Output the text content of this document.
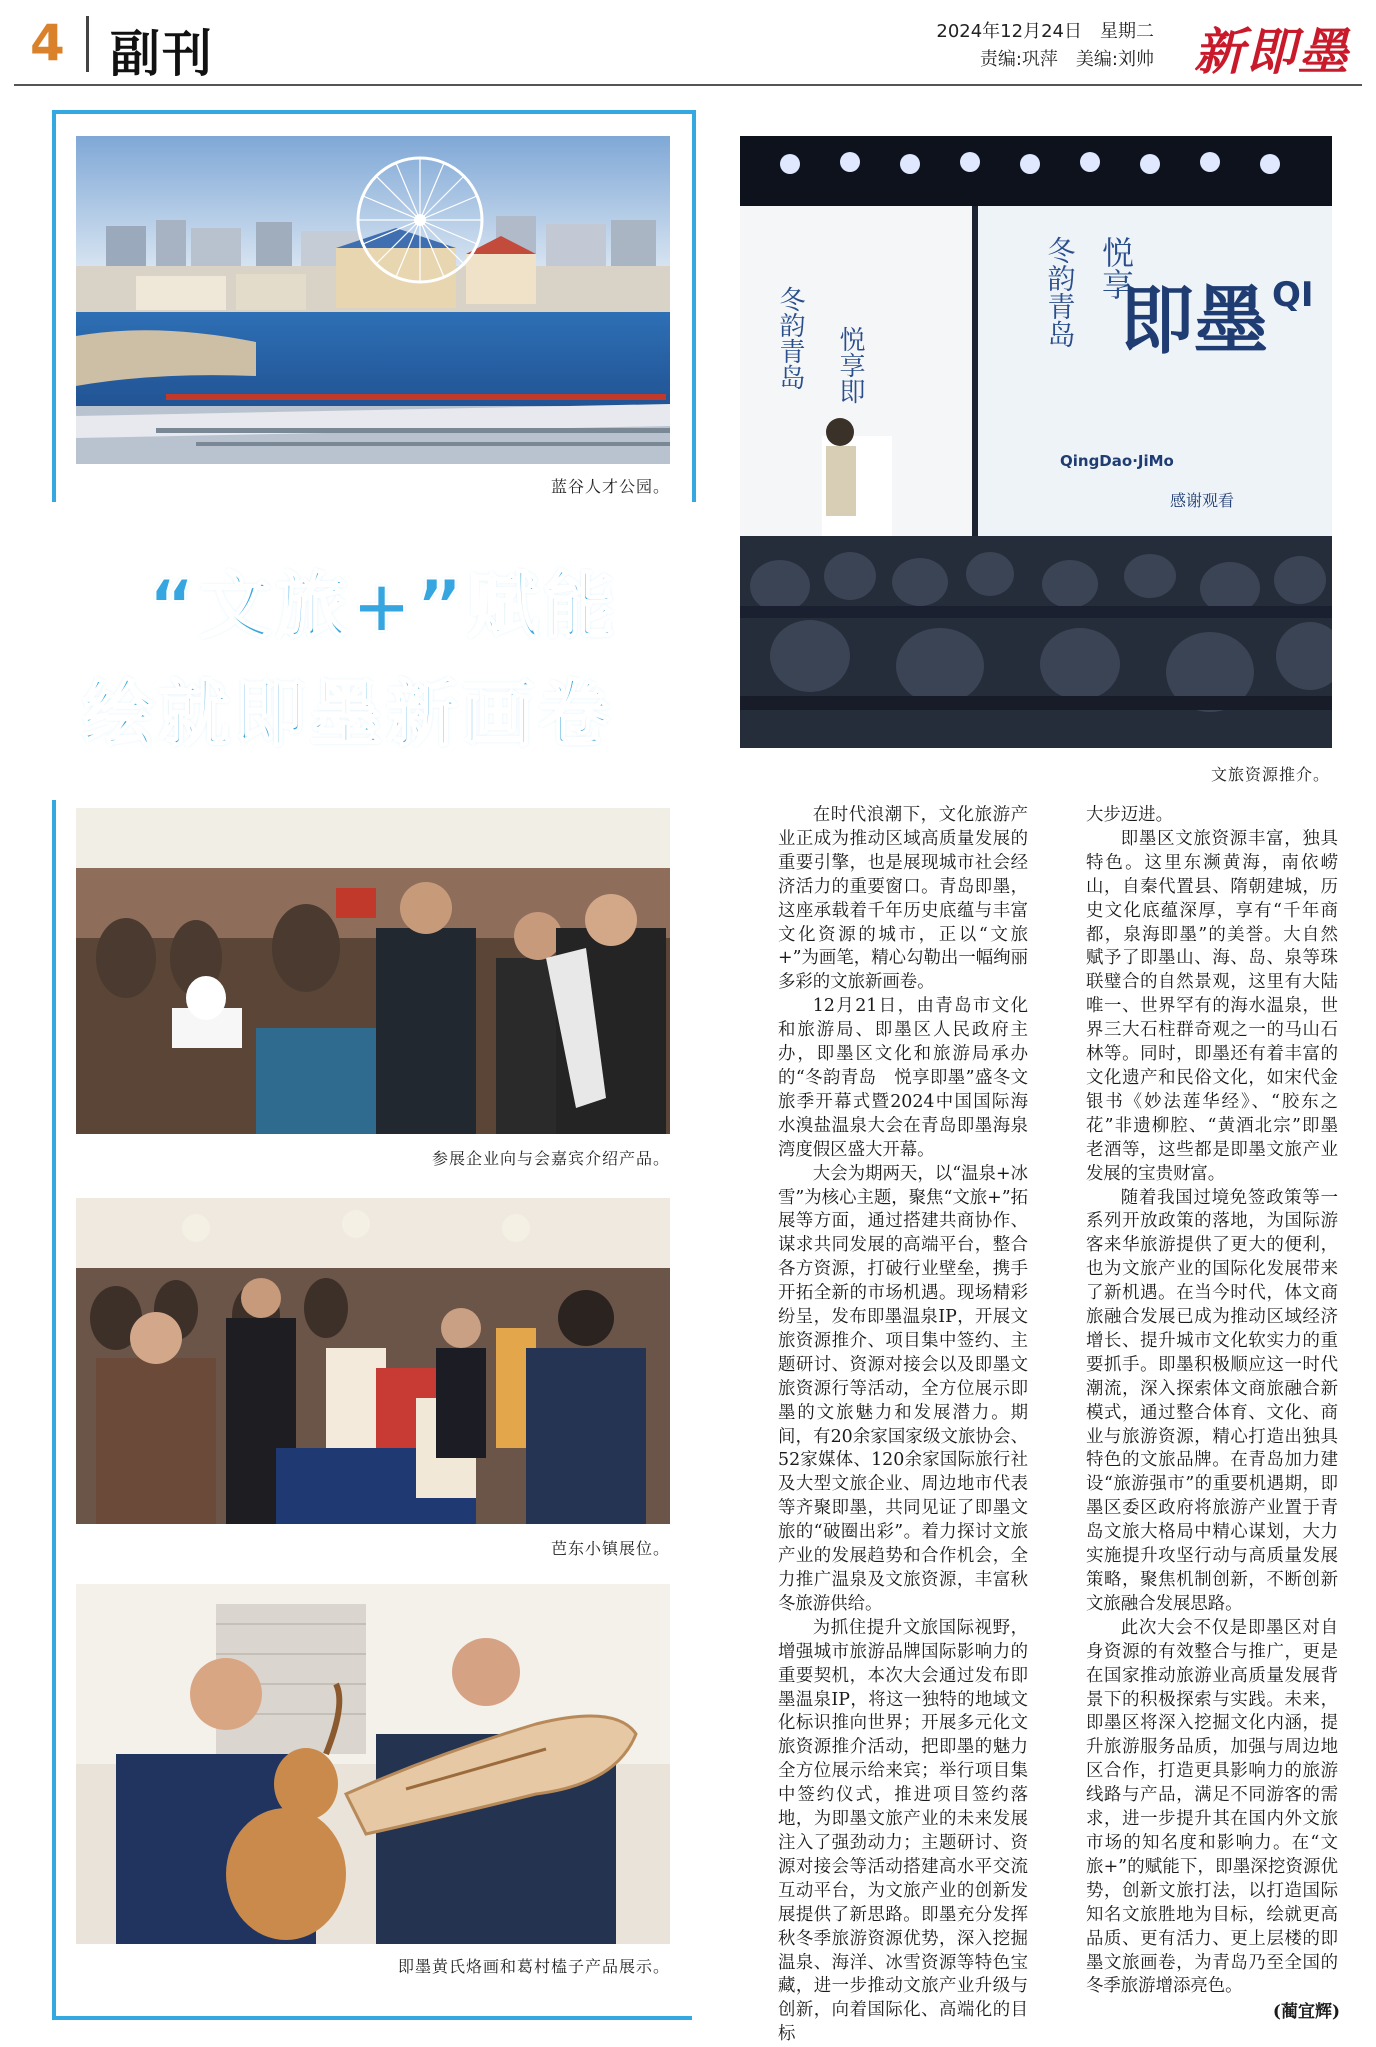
4 副刊	2024年12月24日　 星期二
责编:巩萍　美编:刘帅 新即墨
蓝谷人才公园。
“文旅+”赋能
绘就即墨新画卷
冬韵青岛 悦享即
冬韵青岛 悦享
即墨 QI
QingDao·JiMo
感谢观看
文旅资源推介。
参展企业向与会嘉宾介绍产品。
芭东小镇展位。
即墨黄氏烙画和葛村榼子产品展示。

在时代浪潮下，文化旅游产业正成为推动区域高质量发展的重要引擎，也是展现城市社会经济活力的重要窗口。青岛即墨，这座承载着千年历史底蕴与丰富文化资源的城市，正以“文旅+”为画笔，精心勾勒出一幅绚丽多彩的文旅新画卷。

12月21日，由青岛市文化和旅游局、即墨区人民政府主办，即墨区文化和旅游局承办的“冬韵青岛　悦享即墨”盛冬文旅季开幕式暨2024中国国际海水溴盐温泉大会在青岛即墨海泉湾度假区盛大开幕。

大会为期两天，以“温泉+冰雪”为核心主题，聚焦“文旅+”拓展等方面，通过搭建共商协作、谋求共同发展的高端平台，整合各方资源，打破行业壁垒，携手开拓全新的市场机遇。现场精彩纷呈，发布即墨温泉IP，开展文旅资源推介、项目集中签约、主题研讨、资源对接会以及即墨文旅资源行等活动，全方位展示即墨的文旅魅力和发展潜力。期间，有20余家国家级文旅协会、52家媒体、120余家国际旅行社及大型文旅企业、周边地市代表等齐聚即墨，共同见证了即墨文旅的“破圈出彩”。着力探讨文旅产业的发展趋势和合作机会，全力推广温泉及文旅资源，丰富秋冬旅游供给。

为抓住提升文旅国际视野，增强城市旅游品牌国际影响力的重要契机，本次大会通过发布即墨温泉IP，将这一独特的地域文化标识推向世界；开展多元化文旅资源推介活动，把即墨的魅力全方位展示给来宾；举行项目集中签约仪式，推进项目签约落地，为即墨文旅产业的未来发展注入了强劲动力；主题研讨、资源对接会等活动搭建高水平交流互动平台，为文旅产业的创新发展提供了新思路。即墨充分发挥秋冬季旅游资源优势，深入挖掘温泉、海洋、冰雪资源等特色宝藏，进一步推动文旅产业升级与创新，向着国际化、高端化的目标

大步迈进。

即墨区文旅资源丰富，独具特色。这里东濒黄海，南依崂山，自秦代置县、隋朝建城，历史文化底蕴深厚，享有“千年商都，泉海即墨”的美誉。大自然赋予了即墨山、海、岛、泉等珠联璧合的自然景观，这里有大陆唯一、世界罕有的海水温泉，世界三大石柱群奇观之一的马山石林等。同时，即墨还有着丰富的文化遗产和民俗文化，如宋代金银书《妙法莲华经》、“胶东之花”非遗柳腔、“黄酒北宗”即墨老酒等，这些都是即墨文旅产业发展的宝贵财富。

随着我国过境免签政策等一系列开放政策的落地，为国际游客来华旅游提供了更大的便利，也为文旅产业的国际化发展带来了新机遇。在当今时代，体文商旅融合发展已成为推动区域经济增长、提升城市文化软实力的重要抓手。即墨积极顺应这一时代潮流，深入探索体文商旅融合新模式，通过整合体育、文化、商业与旅游资源，精心打造出独具特色的文旅品牌。在青岛加力建设“旅游强市”的重要机遇期，即墨区委区政府将旅游产业置于青岛文旅大格局中精心谋划，大力实施提升攻坚行动与高质量发展策略，聚焦机制创新，不断创新文旅融合发展思路。

此次大会不仅是即墨区对自身资源的有效整合与推广，更是在国家推动旅游业高质量发展背景下的积极探索与实践。未来，即墨区将深入挖掘文化内涵，提升旅游服务品质，加强与周边地区合作，打造更具影响力的旅游线路与产品，满足不同游客的需求，进一步提升其在国内外文旅市场的知名度和影响力。在“文旅+”的赋能下，即墨深挖资源优势，创新文旅打法，以打造国际知名文旅胜地为目标，绘就更高品质、更有活力、更上层楼的即墨文旅画卷，为青岛乃至全国的冬季旅游增添亮色。

(蔺宜辉)
